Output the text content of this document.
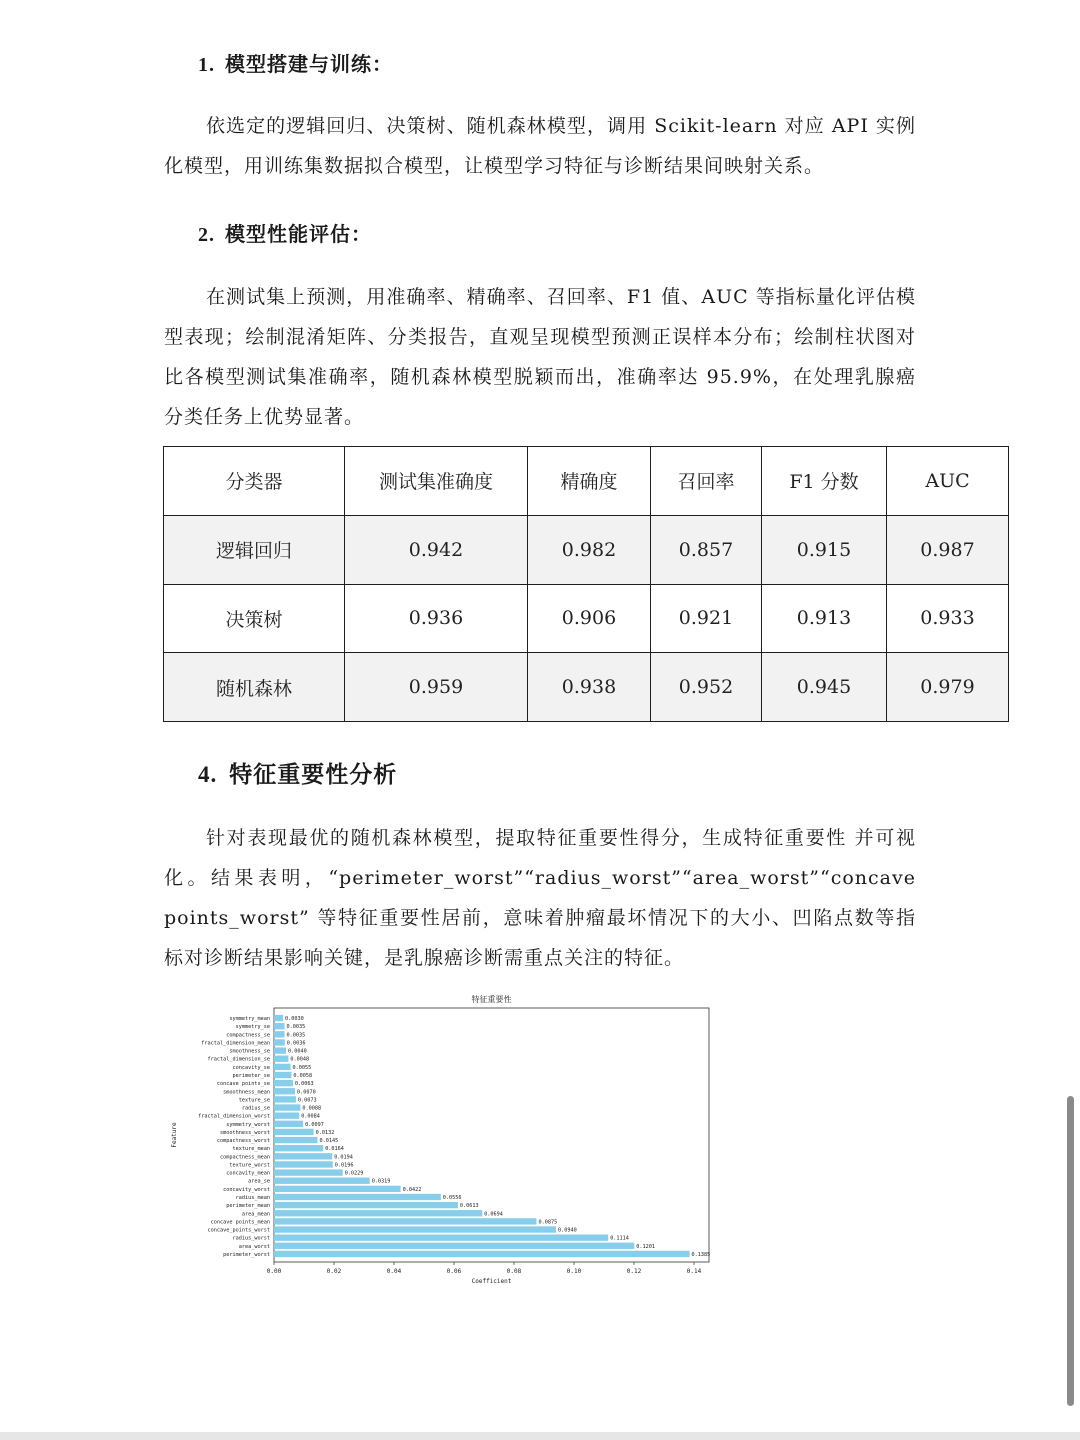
1. 模型搭建与训练：

依选定的逻辑回归、决策树、随机森林模型，调用 Scikit-learn 对应 API 实例化模型，用训练集数据拟合模型，让模型学习特征与诊断结果间映射关系。

2. 模型性能评估：

在测试集上预测，用准确率、精确率、召回率、F1 值、AUC 等指标量化评估模型表现；绘制混淆矩阵、分类报告，直观呈现模型预测正误样本分布；绘制柱状图对比各模型测试集准确率，随机森林模型脱颖而出，准确率达 95.9%，在处理乳腺癌分类任务上优势显著。

分类器	测试集准确度	精确度	召回率	F1 分数	AUC
逻辑回归	0.942	0.982	0.857	0.915	0.987
决策树	0.936	0.906	0.921	0.913	0.933
随机森林	0.959	0.938	0.952	0.945	0.979
4. 特征重要性分析

针对表现最优的随机森林模型，提取特征重要性得分，生成特征重要性 并可视化。结果表明，“perimeter_worst”“radius_worst”“area_worst”“concave points_worst” 等特征重要性居前，意味着肿瘤最坏情况下的大小、凹陷点数等指标对诊断结果影响关键，是乳腺癌诊断需重点关注的特征。

特征重要性
symmetry_mean	0.0030
symmetry_se	0.0035
compactness_se	0.0035
fractal_dimension_mean	0.0036
smoothness_se	0.0040
fractal_dimension_se	0.0048
concavity_se	0.0055
perimeter_se	0.0058
concave points_se	0.0063
smoothness_mean	0.0070
texture_se	0.0073
radius_se	0.0088
fractal_dimension_worst	0.0084
symmetry_worst	0.0097
smoothness_worst	0.0132
compactness_worst	0.0145
texture_mean	0.0164
compactness_mean	0.0194
texture_worst	0.0196
concavity_mean	0.0229
area_se	0.0319
concavity_worst	0.0422
radius_mean	0.0556
perimeter_mean	0.0613
area_mean	0.0694
concave points_mean	0.0875
concave_points_worst	0.0940
radius_worst	0.1114
area_worst	0.1201
perimeter_worst	0.1385
0.00	0.02	0.04	0.06	0.08	0.10	0.12	0.14
Coefficient
Feature
